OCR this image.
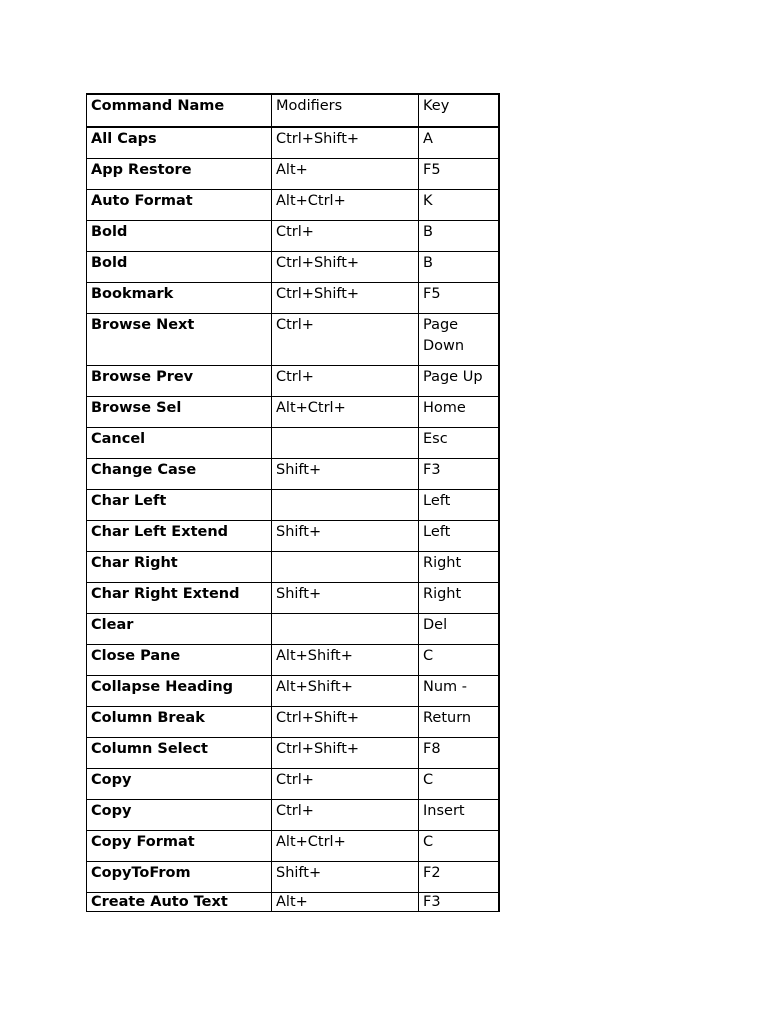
Command Name	Modifiers	Key
All Caps	Ctrl+Shift+	A
App Restore	Alt+	F5
Auto Format	Alt+Ctrl+	K
Bold	Ctrl+	B
Bold	Ctrl+Shift+	B
Bookmark	Ctrl+Shift+	F5
Browse Next	Ctrl+	Page Down
Browse Prev	Ctrl+	Page Up
Browse Sel	Alt+Ctrl+	Home
Cancel		Esc
Change Case	Shift+	F3
Char Left		Left
Char Left Extend	Shift+	Left
Char Right		Right
Char Right Extend	Shift+	Right
Clear		Del
Close Pane	Alt+Shift+	C
Collapse Heading	Alt+Shift+	Num -
Column Break	Ctrl+Shift+	Return
Column Select	Ctrl+Shift+	F8
Copy	Ctrl+	C
Copy	Ctrl+	Insert
Copy Format	Alt+Ctrl+	C
CopyToFrom	Shift+	F2
Create Auto Text	Alt+	F3
